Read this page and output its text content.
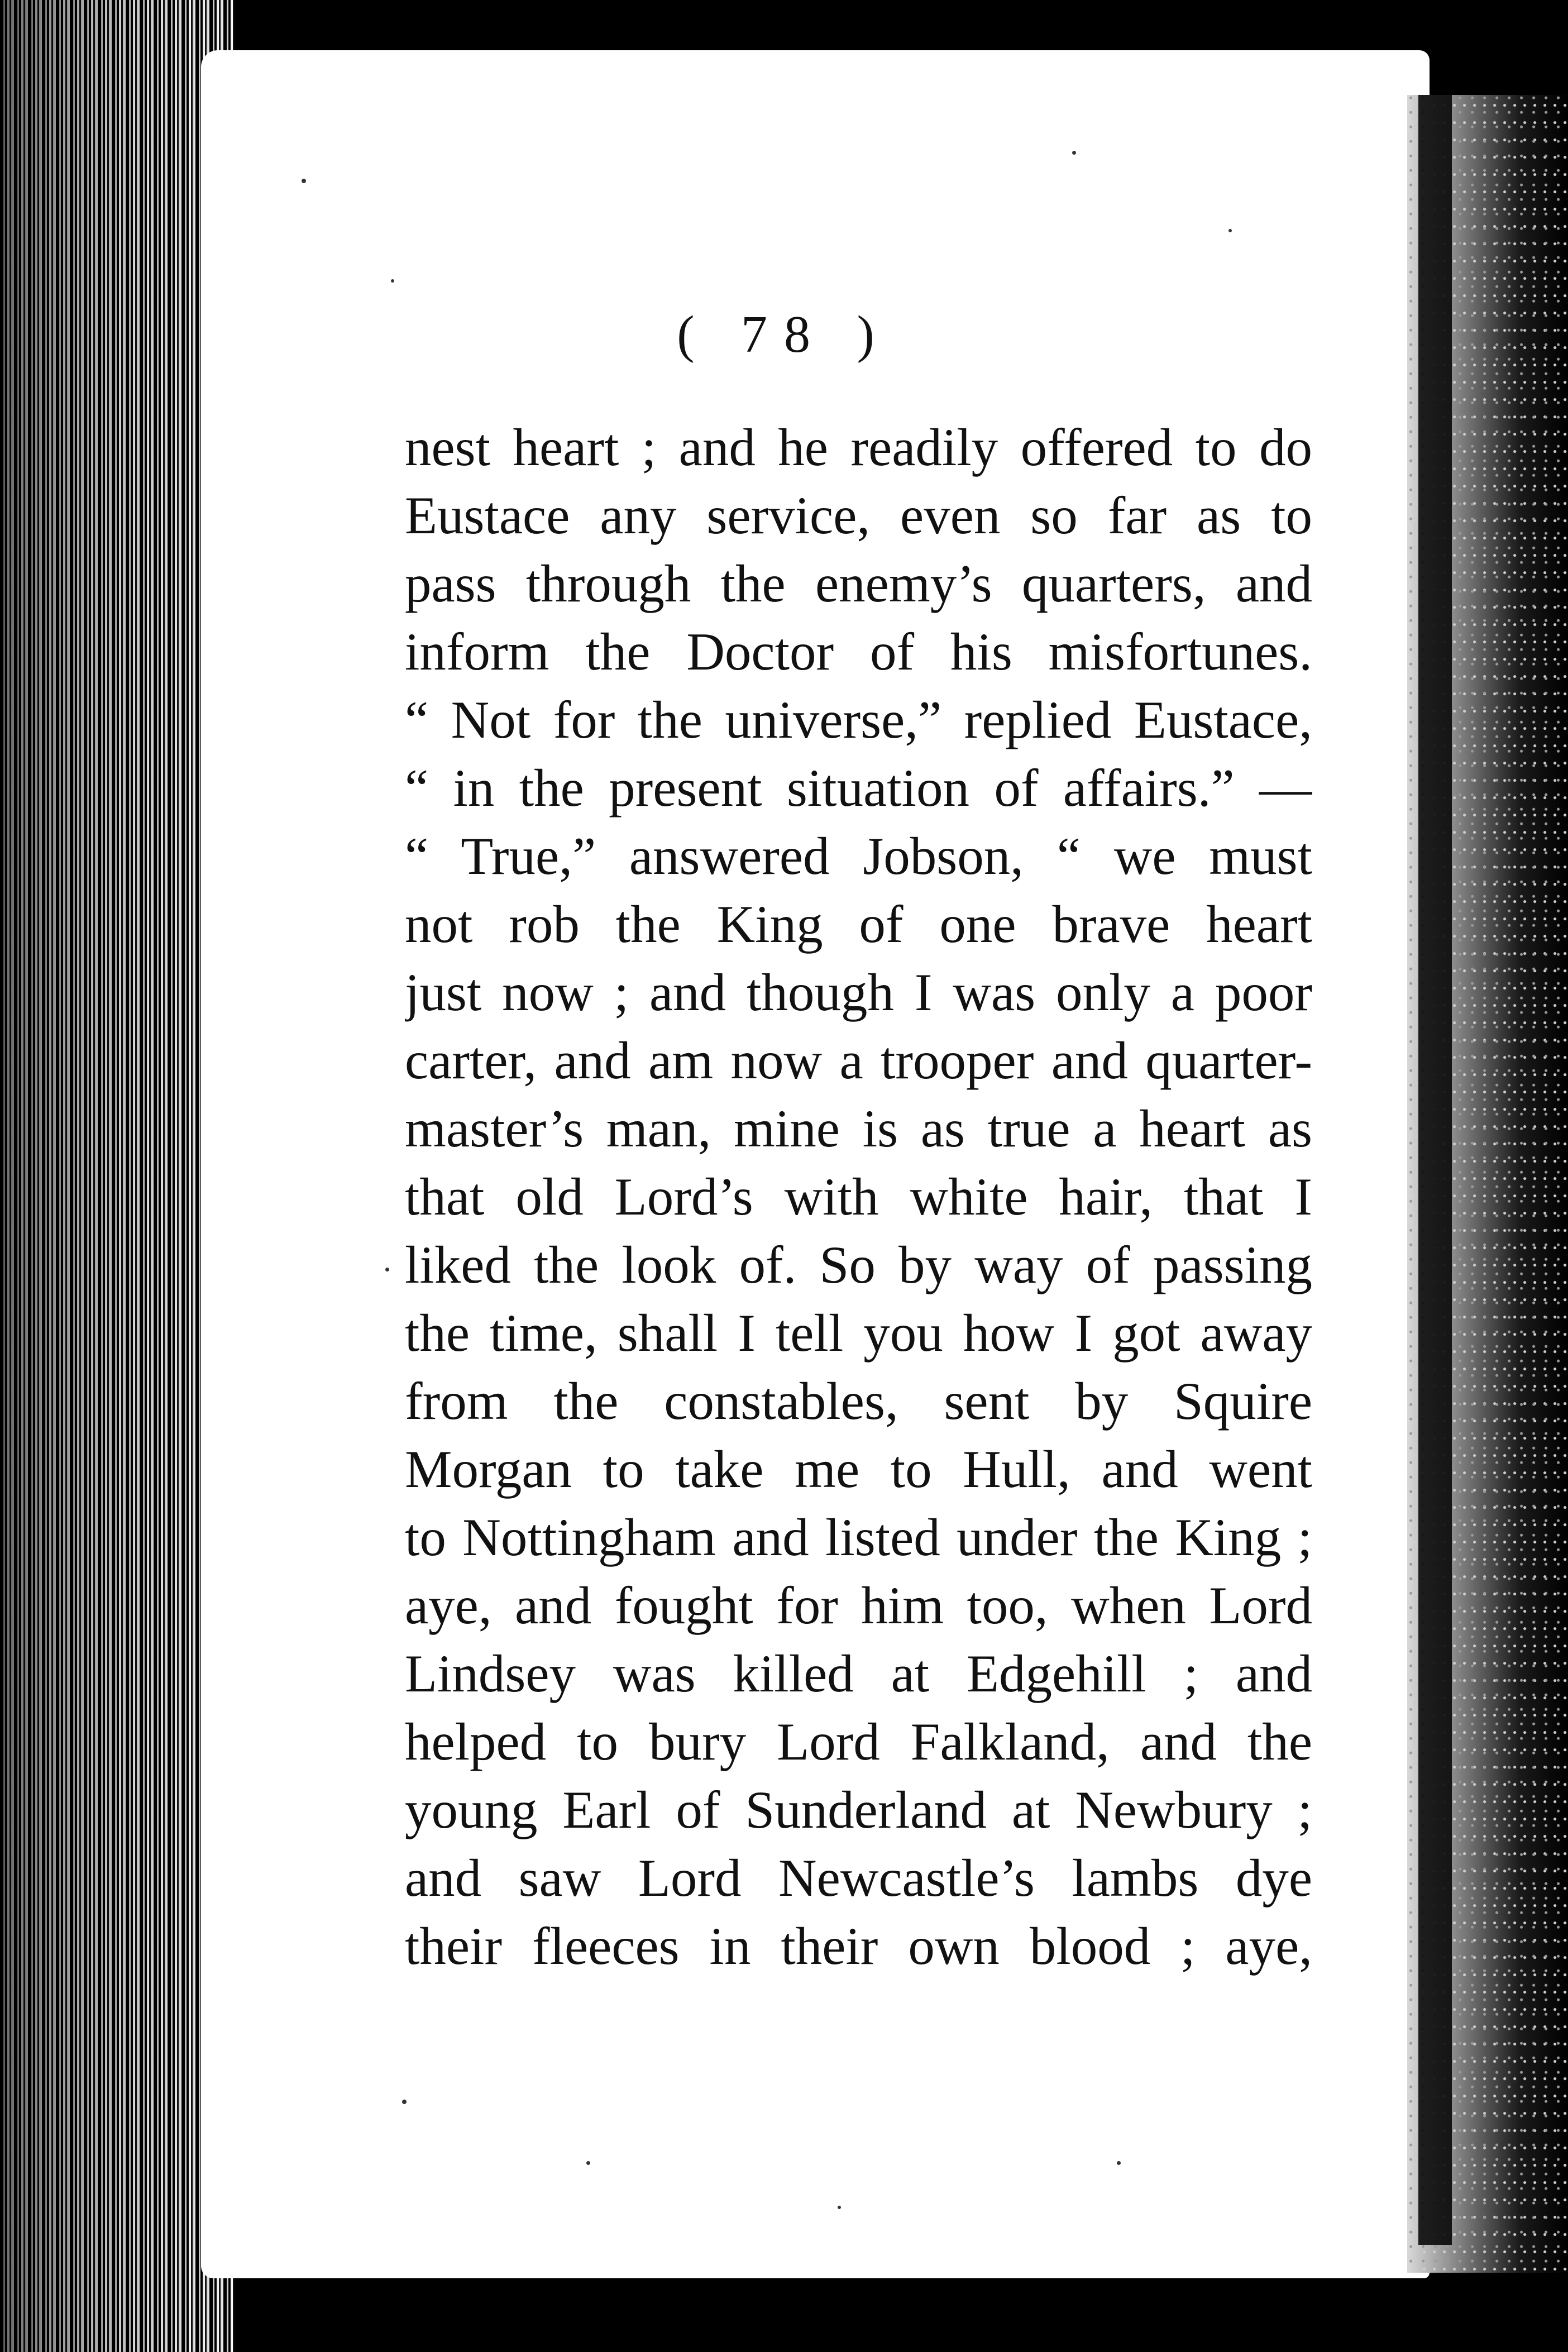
( 78 )
nest heart ; and he readily offered to do
Eustace any service, even so far as to
pass through the enemy’s quarters, and
inform the Doctor of his misfortunes.
“ Not for the universe,” replied Eustace,
“ in the present situation of affairs.” —
“ True,” answered Jobson, “ we must
not rob the King of one brave heart
just now ; and though I was only a poor
carter, and am now a trooper and quarter-
master’s man, mine is as true a heart as
that old Lord’s with white hair, that I
liked the look of. So by way of passing
the time, shall I tell you how I got away
from the constables, sent by Squire
Morgan to take me to Hull, and went
to Nottingham and listed under the King ;
aye, and fought for him too, when Lord
Lindsey was killed at Edgehill ; and
helped to bury Lord Falkland, and the
young Earl of Sunderland at Newbury ;
and saw Lord Newcastle’s lambs dye
their fleeces in their own blood ; aye,
